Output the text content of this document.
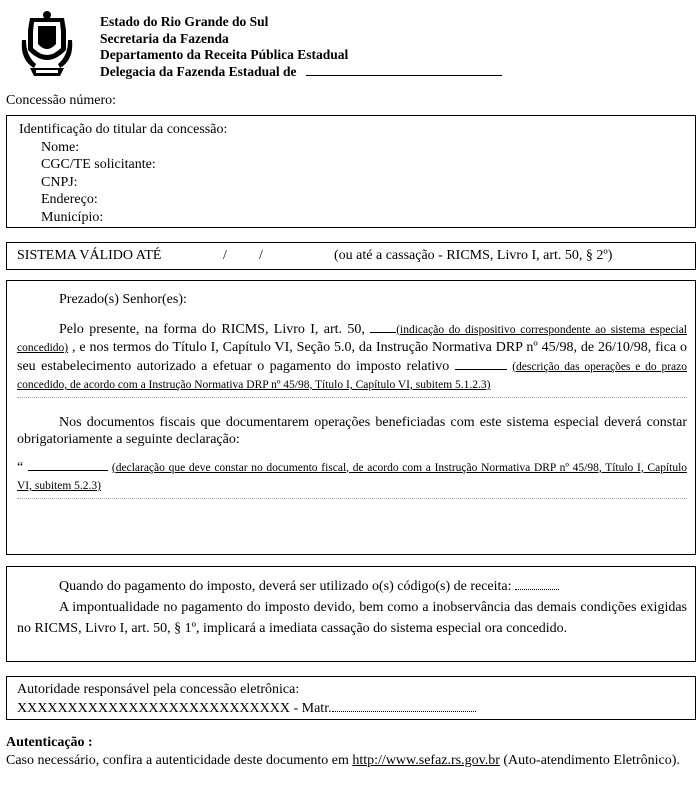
Estado do Rio Grande do Sul
Secretaria da Fazenda
Departamento da Receita Pública Estadual
Delegacia da Fazenda Estadual de
Concessão número:
Identificação do titular da concessão:
Nome:
CGC/TE solicitante:
CNPJ:
Endereço:
Município:
SISTEMA VÁLIDO ATÉ	/ /	(ou até a cassação - RICMS, Livro I, art. 50, § 2º)

Prezado(s) Senhor(es):

Pelo presente, na forma do RICMS, Livro I, art. 50,	(indicação do dispositivo correspondente ao sistema especial concedido) , e nos termos do Título I, Capítulo VI, Seção 5.0, da Instrução Normativa DRP nº 45/98, de 26/10/98, fica o seu estabelecimento autorizado a efetuar o pagamento do imposto relativo	(descrição das operações e do prazo concedido, de acordo com a Instrução Normativa DRP nº 45/98, Título I, Capítulo VI, subitem 5.1.2.3)

Nos documentos fiscais que documentarem operações beneficiadas com este sistema especial deverá constar obrigatoriamente a seguinte declaração:

“	(declaração que deve constar no documento fiscal, de acordo com a Instrução Normativa DRP nº 45/98, Título I, Capítulo VI, subitem 5.2.3)

Quando do pagamento do imposto, deverá ser utilizado o(s) código(s) de receita:

A impontualidade no pagamento do imposto devido, bem como a inobservância das demais condições exigidas no RICMS, Livro I, art. 50, § 1º, implicará a imediata cassação do sistema especial ora concedido.

Autoridade responsável pela concessão eletrônica:
XXXXXXXXXXXXXXXXXXXXXXXXXXX - Matr.
Autenticação :

Caso necessário, confira a autenticidade deste documento em http://www.sefaz.rs.gov.br (Auto-atendimento Eletrônico).
